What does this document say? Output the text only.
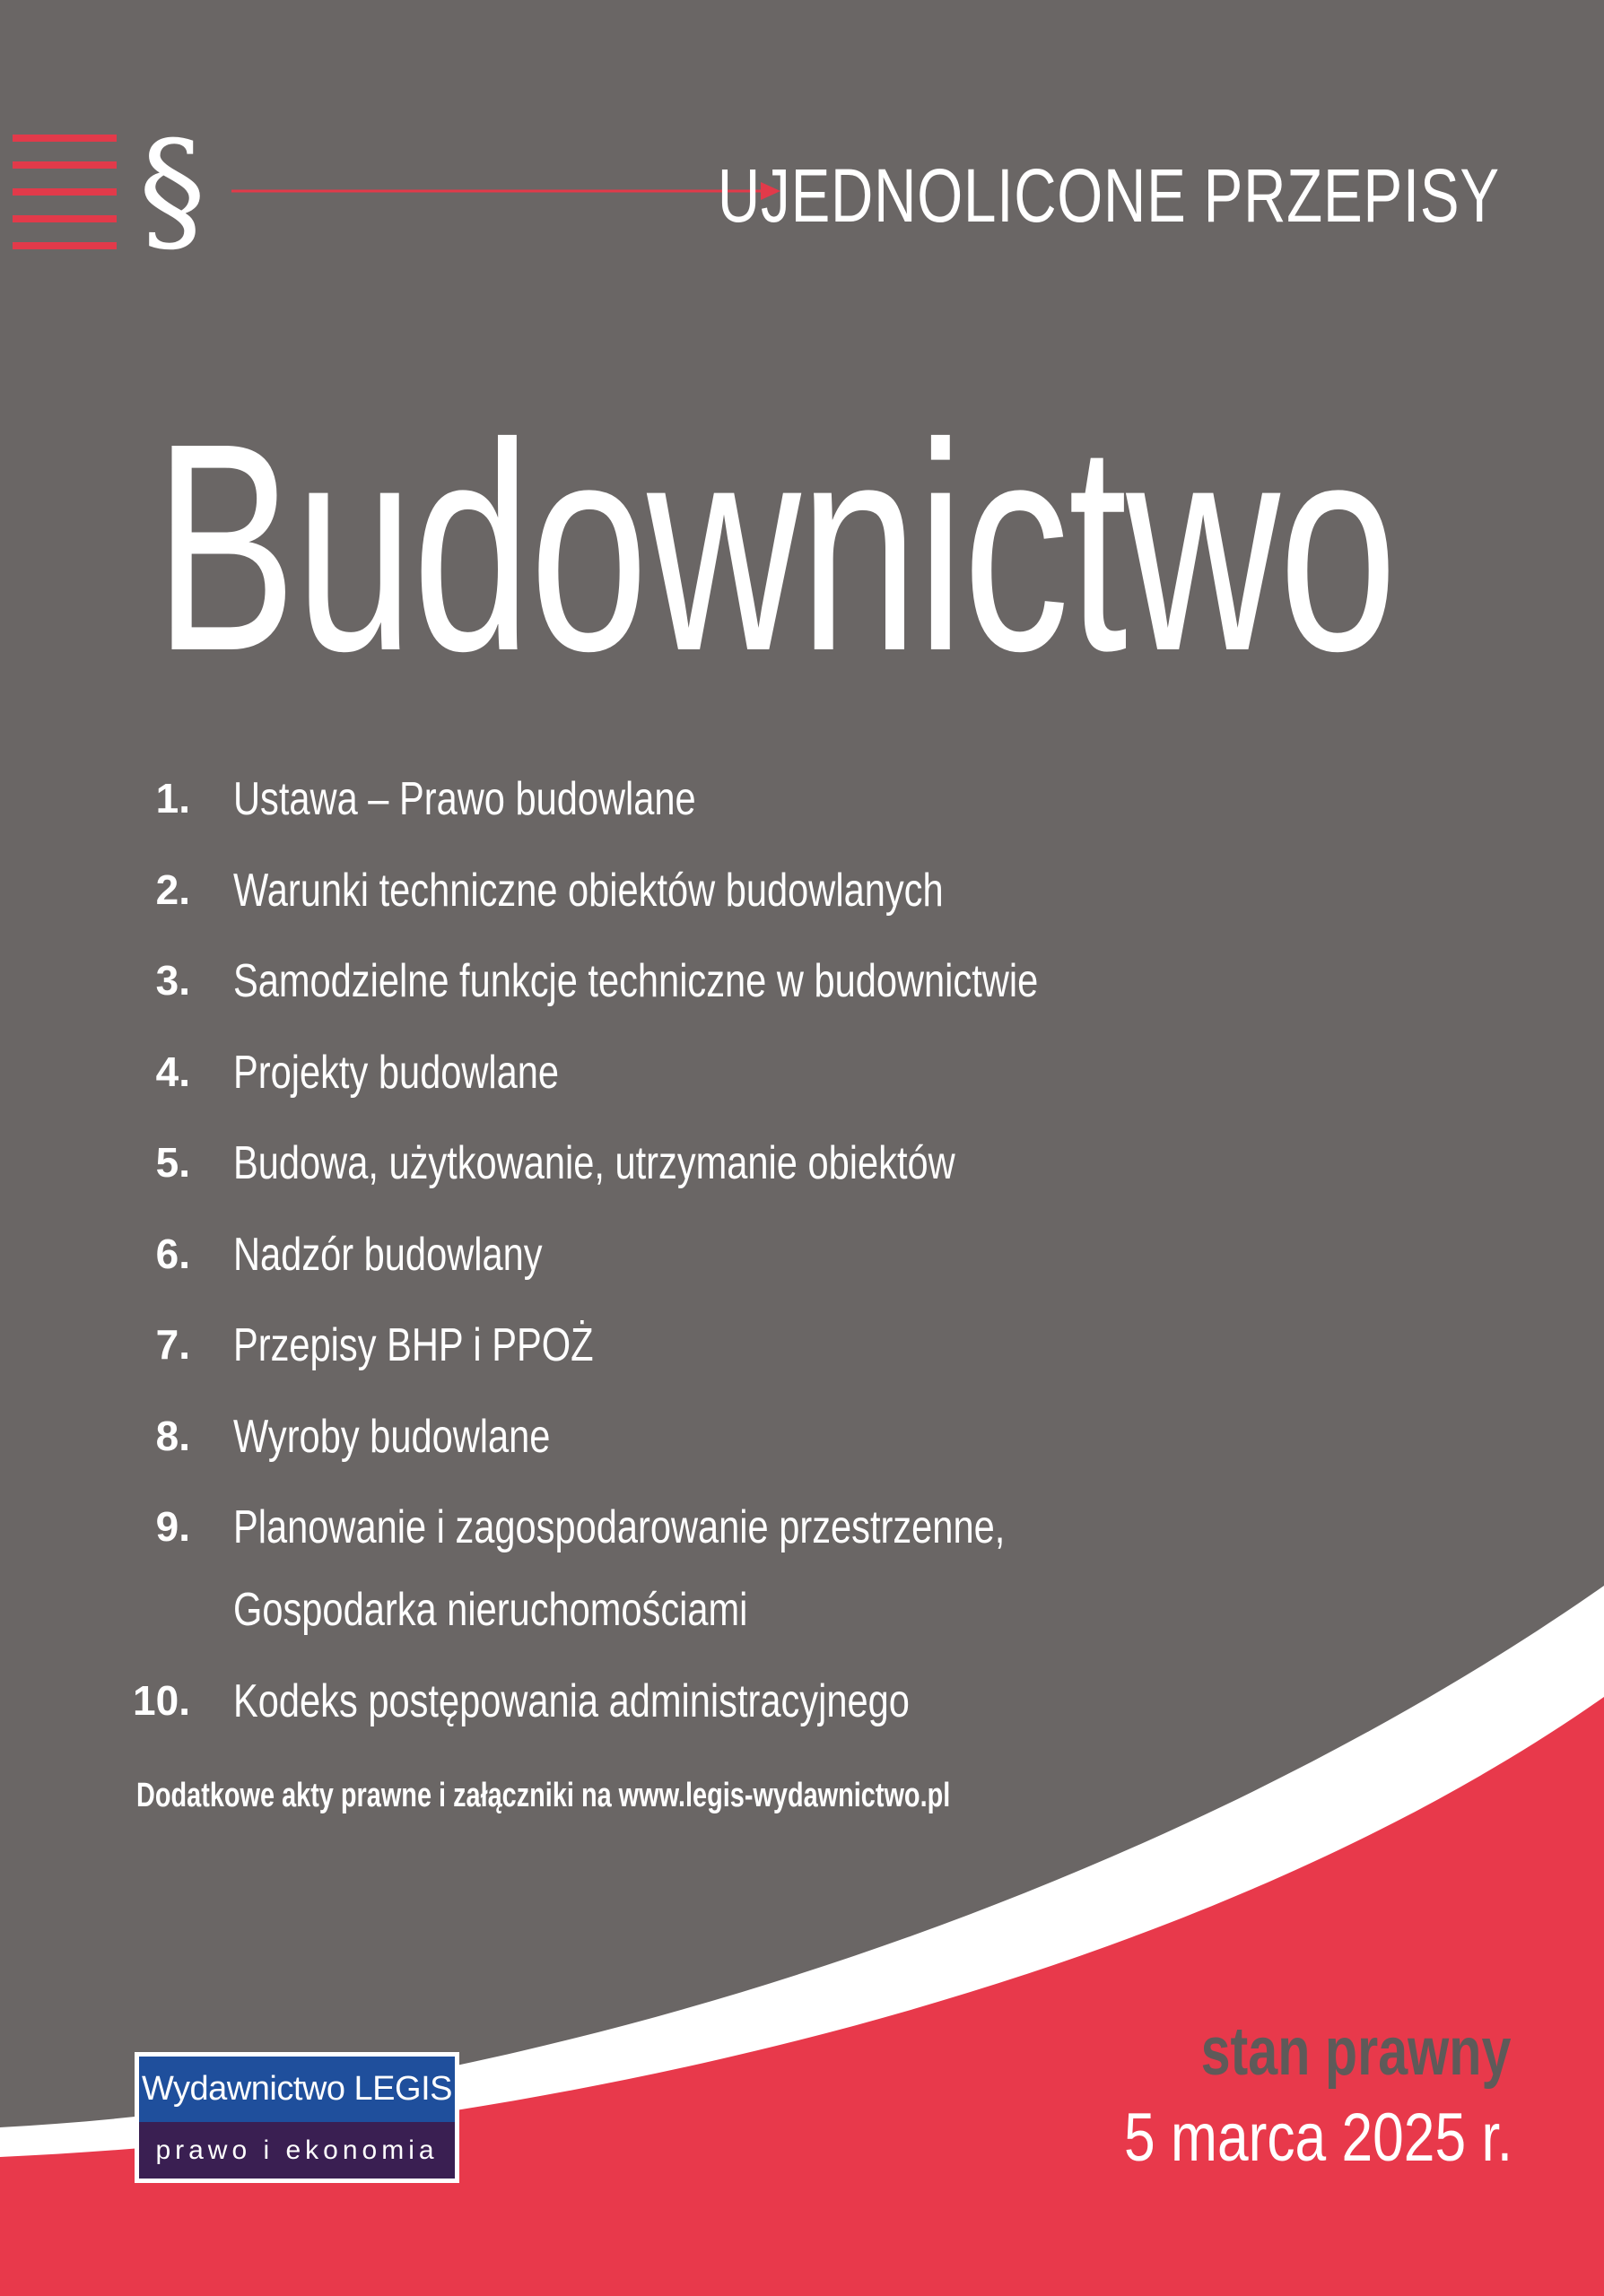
§	UJEDNOLICONE PRZEPISY
Budownictwo
1. Ustawa – Prawo budowlane
2. Warunki techniczne obiektów budowlanych
3. Samodzielne funkcje techniczne w budownictwie
4. Projekty budowlane
5. Budowa, użytkowanie, utrzymanie obiektów
6. Nadzór budowlany
7. Przepisy BHP i PPOŻ
8. Wyroby budowlane
9. Planowanie i zagospodarowanie przestrzenne,
Gospodarka nieruchomościami
10. Kodeks postępowania administracyjnego
Dodatkowe akty prawne i załączniki na www.legis-wydawnictwo.pl
stan prawny
5 marca 2025 r.
Wydawnictwo LEGIS
prawo i ekonomia
